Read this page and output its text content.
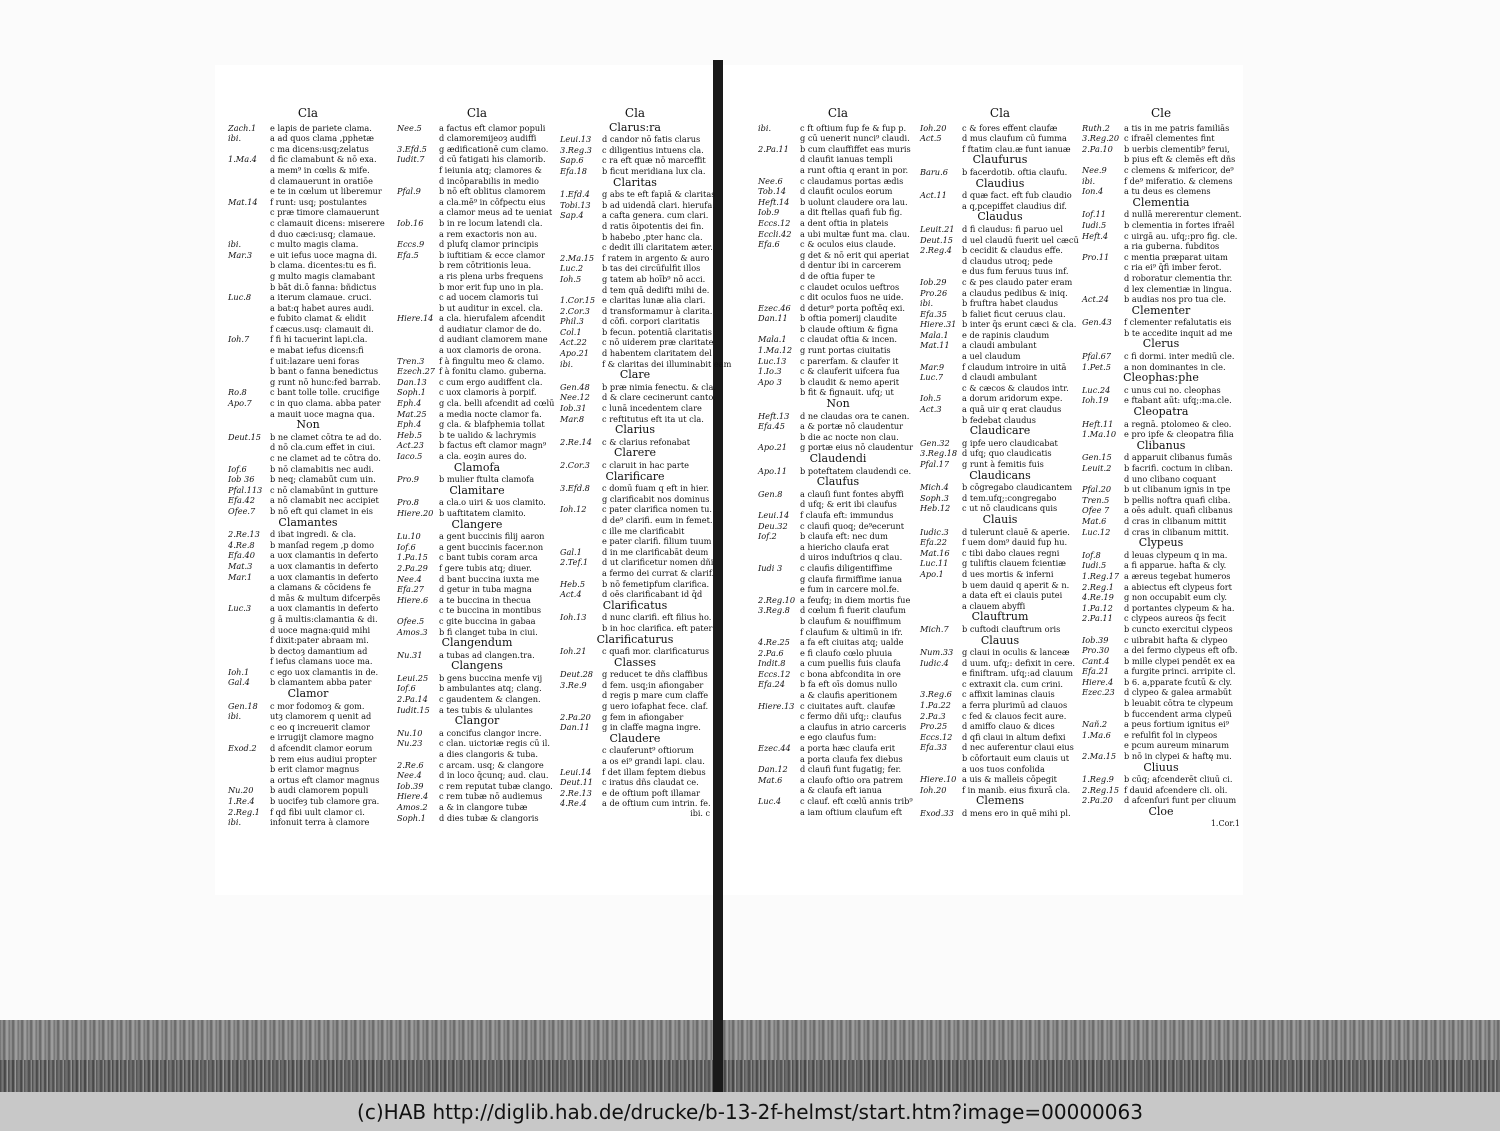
Cla
Zach.1	e lapis de pariete clama.
ibi.	a ad quos clama ,pphetæ
c ma dicens:usq;zelatus
1.Ma.4	d fic clamabunt & nō exa.
a mem⁹ in cœlis & mife.
d clamauerunt in oratiōe
e te in cœlum ut liberemur
Mat.14	f runt: usq; postulantes
c præ timore clamauerunt
c clamauit dicens: miserere
d duo cæci:usq; clamaue.
ibi.	c multo magis clama.
Mar.3	e uit iefus uoce magna di.
b clama. dicentes:tu es fi.
g multo magis clamabant
b bāt di.ō fanna: bñdictus
Luc.8	a iterum clamaue. cruci.
a bat:q habet aures audi.
e fubito clamat & elidit
f cæcus.usq: clamauit di.
Ioh.7	f fi hi tacuerint lapi.cla.
e mabat iefus dicens:fi
f uit:lazare ueni foras
b bant o fanna benedictus
g runt nō hunc:fed barrab.
Ro.8	c bant tolle tolle. crucifige
Apo.7	c in quo clama. abba pater
a mauit uoce magna qua.
Non
Deut.15	b ne clamet cōtra te ad do.
d nō cla.cum effet in ciui.
c ne clamet ad te cōtra do.
Iof.6	b nō clamabitis nec audi.
Iob 36	b neq; clamabūt cum uin.
Pfal.113 c nō clamabūnt in gutture
Efa.42	a nō clamabit nec accipiet
Ofee.7	b nō eft qui clamet in eis
Clamantes
2.Re.13	d ibat ingredi. & cla.
4.Re.8	b manſad regem ,p domo
Efa.40	a uox clamantis in deferto
Mat.3	a uox clamantis in deferto
Mar.1	a uox clamantis in deferto
a clamans & cōcidens fe
d mās & multum difcerpēs
Luc.3	a uox clamantis in deferto
g ā multis:clamantia & di.
d uoce magna:quid mihi
f dixit:pater abraam mi.
b dectoȝ damantium ad
f iefus clamans uoce ma.
Ioh.1	c ego uox clamantis in de.
Gal.4	b clamantem abba pater
Clamor
Gen.18	c mor fodomoȝ & gom.
ibi.	utȝ clamorem q uenit ad
c eo q increuerit clamor
e irrugijt clamore magno
Exod.2	d afcendit clamor eorum
b rem eius audiui propter
b erit clamor magnus
a ortus eft clamor magnus
Nu.20	b audi clamorem populi
1.Re.4	b uocifeȝ tub clamore gra.
2.Reg.1	f qd fibi uult clamor ci.
ibi.	infonuit terra à clamore
Cla
Nee.5	a factus eft clamor populi
d clamoremijeoȝ audiffi
3.Efd.5	g ædificationē cum clamo.
Iudit.7	d cū fatigati his clamorib.
f ieiunia atq; clamores &
d incōparabilis in medio
Pfal.9	b nō eft oblitus clamorem
a cla.mē⁹ in cōfpectu eius
a clamor meus ad te ueniat
Iob.16	b in re locum latendi cla.
a rem exactoris non au.
Eccs.9	d plufq clamor principis
Efa.5	b iuftitiam & ecce clamor
b rem cōtritionis leua.
a ris plena urbs frequens
b mor erit fup uno in pla.
c ad uocem clamoris tui
b ut auditur in excel. cla.
Hiere.14 a cla. hierufalem afcendit
d audiatur clamor de do.
d audiant clamorem mane
a uox clamoris de orona.
Tren.3	f à fingultu meo & clamo.
Ezech.27 f à fonitu clamo. guberna.
Dan.13	c cum ergo audiffent cla.
Soph.1	c uox clamoris à porpif.
Eph.4	g cla. belli afcendit ad cœlū
Mat.25	a media nocte clamor fa.
Eph.4	g cla. & blafphemia tollat
Heb.5	b te ualido & lachrymis
Act.23	b factus eft clamor magn⁹
Iaco.5	a cla. eoȝin aures do.
Clamofa
Pro.9	b mulier ftulta clamofa
Clamitare
Pro.8	a cla.o uiri & uos clamito.
Hiere.20 b uaftitatem clamito.
Clangere
Lu.10	a gent buccinis filij aaron
Iof.6	a gent buccinis facer.non
1.Pa.15	c bant tubis coram arca
2.Pa.29	f gere tubis atq; diuer.
Nee.4	d bant buccina iuxta me
Efa.27	d getur in tuba magna
Hiere.6	a te buccina in thecua
c te buccina in montibus
Ofee.5	c gite buccina in gabaa
Amos.3	b fi clanget tuba in ciui.
Clangendum
Nu.31	a tubas ad clangen.tra.
Clangens
Leui.25	b gens buccina menfe vij
Iof.6	b ambulantes atq; clang.
2.Pa.14	c gaudentem & clangen.
Iudit.15	a tes tubis & ululantes
Clangor
Nu.10	a concifus clangor incre.
Nu.23	c clan. uictoriæ regis cū il.
a dies clangoris & tuba.
2.Re.6	c arcam. usq; & clangore
Nee.4	d in loco q̄cunq; aud. clau.
Iob.39	c rem reputat tubæ clango.
Hiere.4	c rem tubæ nō audiemus
Amos.2	a & in clangore tubæ
Soph.1	d dies tubæ & clangoris
Cla
Clarus:ra
Leui.13	d candor nō fatis clarus
3.Reg.3	c diligentius intuens cla.
Sap.6	c ra eft quæ nō marceffit
Efa.18	b ficut meridiana lux cla.
Claritas
1.Efd.4	g abs te eft fapiā & claritas
Tobi.13	b ad uidendā clari. hierufa.
Sap.4	a cafta genera. cum clari.
d ratis ōipotentis dei fin.
b habebo ,pter hanc cla.
c dedit illi claritatem æter.
2.Ma.15 f ratem in argento & auro
Luc.2	b tas dei circūfulfit illos
Ioh.5	g tatem ab hoīb⁹ nō acci.
d tem quā dedifti mihi de.
1.Cor.15 e claritas lunæ alia clari.
2.Cor.3	d transformamur à clarita.
Phil.3	d cōfi. corpori claritatis
Col.1	b fecun. potentiā claritatis
Act.22	c nō uiderem præ claritate
Apo.21	d habentem claritatem del
ibi.	f & claritas dei illuminabit eam
Clare
Gen.48	b præ nimia fenectu. & cla.
Nee.12	d & clare cecinerunt canto.
Iob.31	c lunā incedentem clare
Mar.8	c reftitutus eft ita ut cla.
Clarius
2.Re.14	c & clarius refonabat
Clarere
2.Cor.3	c claruit in hac parte
Clarificare
3.Efd.8	c domū fuam q eft in hier.
g clarificabit nos dominus
Ioh.12	c pater clarifica nomen tu.
d de⁹ clarifi. eum in femet.
c ille me clarificabit
e pater clarifi. filium tuum
Gal.1	d in me clarificabāt deum
2.Tef.1	d ut clarificetur nomen dñi
a fermo dei currat & clarif.
Heb.5	b nō femetipfum clarifica.
Act.4	d oēs clarificabant id q̄d
Clarificatus
Ioh.13	d nunc clarifi. eft filius ho.
b in hoc clarifica. eft pater
Clarificaturus
Ioh.21	c quafi mor. clarificaturus
Classes
Deut.28	g reducet te dñs claffibus
3.Re.9	d fem. usq;in afiongaber
d regis p mare cum claffe
g uero iofaphat fece. claf.
2.Pa.20	g fem in afiongaber
Dan.11	g in claffe magna ingre.
Claudere
c clauferunt⁹ oftiorum
a os ei⁹ grandi lapi. clau.
Leui.14	f det illam feptem diebus
Deut.11	c iratus dñs claudat ce.
2.Re.13	e de oftium poft illamar
4.Re.4	a de oftium cum intrin. fe.
ibi. c
Cla
ibi.	c ft oftium fup fe & fup p.
g cū uenerit nunci⁹ claudi.
2.Pa.11	b cum clauffiffet eas muris
d claufit ianuas templi
a runt oftia q erant in por.
Nee.6	c claudamus portas ædis
Tob.14	d claufit oculos eorum
Heft.14	b uolunt claudere ora lau.
Iob.9	a dit ftellas quafi fub fig.
Eccs.12	a dent oftia in plateis
Eccli.42	a ubi multæ funt ma. clau.
Efa.6	c & oculos eius claude.
g det & nō erit qui aperiat
d dentur ibi in carcerem
d de oftia fuper te
c claudet oculos ueftros
c dit oculos fuos ne uide.
Ezec.46	d detur⁹ porta poftēq exi.
Dan.11	b oftia pomerij claudite
b claude oftium & figna
Mala.1	c claudat oftia & incen.
1.Ma.12 g runt portas ciuitatis
Luc.13	c parerfam. & claufer it
1.Io.3	c & clauferit uifcera fua
Apo 3	b claudit & nemo aperit
b fit & fignauit. ufq; ut
Non
Heft.13	d ne claudas ora te canen.
Efa.45	a & portæ nō claudentur
b die ac nocte non clau.
Apo.21	g portæ eius nō claudentur
Claudendi
Apo.11	b poteftatem claudendi ce.
Claufus
Gen.8	a clauſi funt fontes abyffi
d ufq; & erit ibi claufus
Leui.14	f claufa eft: immundus
Deu.32	c claufi quoq; de⁹ecerunt
Iof.2	b claufa eft: nec dum
a hiericho claufa erat
d uiros induſtrios q clau.
Iudi 3	c claufis diligentiffime
g claufa firmiffime ianua
e fum in carcere mol.fe.
2.Reg.10 a feufq; in diem mortis fue
3.Reg.8	d cœlum fi fuerit claufum
b claufum & nouiffimum
f claufum & ultimū in ifr.
4.Re.25	a fa eft ciuitas atq; ualde
2.Pa.6	e fi claufo cœlo pluuia
Indit.8	a cum puellis fuis claufa
Eccs.12	c bona abfcondita in ore
Efa.24	b fa eft oīs domus nullo
a & claufis aperitionem
Hiere.13 c ciuitates auft. claufæ
c fermo dñi ufq;: claufus
a claufus in atrio carceris
e ego claufus fum:
Ezec.44	a porta hæc claufa erit
a porta claufa fex diebus
Dan.12	d claufi funt fugatig; fer.
Mat.6	a claufo oftio ora patrem
a & claufa eft ianua
Luc.4	c clauf. eft cœlū annis trib⁹
a iam oftium claufum eft
Cla
Ioh.20	c & fores effent claufæ
Act.5	d mus claufum cū fumma
f ftatim clau.æ funt ianuæ
Claufurus
Baru.6	b facerdotib. oftia claufu.
Claudius
Act.11	d quæ fact. eft fub claudio
a q,pcepiffet claudius dif.
Claudus
Leuit.21 d fi claudus: fi paruo uel
Deut.15	d uel claudū fuerit uel cæcū
2.Reg.4	b cecidit & claudus effe.
d claudus utroq; pede
e dus fum feruus tuus inf.
Iob.29	c & pes claudo pater eram
Pro.26	a claudus pedibus & iniq.
ibi.	b fruftra habet claudus
Efa.35	b faliet ficut ceruus clau.
Hiere.31 b inter q̄s erunt cæci & cla.
Mala.1	e de rapinis claudum
Mat.11	a claudi ambulant
a uel claudum
Mar.9	f claudum introire in uitā
Luc.7	d claudi ambulant
c & cæcos & claudos intr.
Ioh.5	a dorum aridorum expe.
Act.3	a quā uir q erat claudus
b fedebat claudus
Claudicare
Gen.32	g ipfe uero claudicabat
3.Reg.18 d ufq; quo claudicatis
Pfal.17	g runt à femitis fuis
Claudicans
Mich.4	b cōgregabo claudicantem
Soph.3	d tem.ufq;:congregabo
Heb.12	c ut nō claudicans quis
Clauis
Iudic.3	d tulerunt clauē & aperie.
Efa.22	f uem dom⁹ dauid fup hu.
Mat.16	c tibi dabo claues regni
Luc.11	g tuliftis clauem fcientiæ
Apo.1	d ues mortis & inferni
b uem dauid q aperit & n.
a data eft ei clauis putei
a clauem abyffi
Clauftrum
Mich.7	b cuftodi clauftrum oris
Clauus
Num.33	g claui in oculis & lanceæ
Iudic.4	d uum. ufq;: defixit in cere.
e finiftram. ufq;:ad clauum
c extraxit cla. cum crini.
3.Reg.6	c affixit laminas clauis
1.Pa.22	a ferra plurimū ad clauos
2.Pa.3	c fed & clauos fecit aure.
Pro.25	d amiffo clauo & dices
Eccs.12	d qfi claui in altum defixi
Efa.33	d nec auferentur claui eius
b cōfortauit eum clauis ut
a uos tuos confolida
Hiere.10 a uis & malleis cōpegit
Ioh.20	f in manib. eius fixurā cla.
Clemens
Exod.33	d mens ero in quē mihi pl.
Cle
Ruth.2	a tis in me patris familiās
3.Reg.20 c ifraēl clementes fint
2.Pa.10	b uerbis clementib⁹ ferui,
b pius eft & clemēs eft dñs
Nee.9	c clemens & mifericor, de⁹
ibi.	f de⁹ miferatio. & clemens
Ion.4	a tu deus es clemens
Clementia
Iof.11	d nullā mererentur clement.
Iudi.5	b clementia in fortes ifraēl
Heft.4	c uirgā au. ufq;:pro fig. cle.
a ria guberna. fubditos
Pro.11	c mentia præparat uitam
c ria ei⁹ q̄fi imber ferot.
d roboratur clementia thr.
d lex clementiæ in lingua.
Act.24	b audias nos pro tua cle.
Clementer
Gen.43	f clementer refalutatis eis
b te accedite inquit ad me
Clerus
Pfal.67	c fi dormi. inter mediū cle.
1.Pet.5	a non dominantes in cle.
Cleophas:phe
Luc.24	c unus cui no. cleophas
Ioh.19	e ftabant aūt: ufq;:ma.cle.
Cleopatra
Heft.11	a regnā. ptolomeo & cleo.
1.Ma.10 e pro ipfe & cleopatra filia
Clibanus
Gen.15	d apparuit clibanus fumās
Leuit.2	b facrifi. coctum in cliban.
d uno clibano coquant
Pfal.20	b ut clibanum ignis in tpe
Tren.5	b pellis noftra quafi cliba.
Ofee 7	a oēs adult. quafi clibanus
Mat.6	d cras in clibanum mittit
Luc.12	d cras in clibanum mittit.
Clypeus
Iof.8	d leuas clypeum q in ma.
Iudi.5	a fi apparue. hafta & cly.
1.Reg.17 a æreus tegebat humeros
2.Reg.1	a abiectus eft clypeus fort
4.Re.19	g non occupabit eum cly.
1.Pa.12	d portantes clypeum & ha.
2.Pa.11	c clypeos aureos q̄s fecit
b cuncto exercitui clypeos
Iob.39	c uibrabit hafta & clypeo
Pro.30	a dei fermo clypeus eft ofb.
Cant.4	b mille clypei pendēt ex ea
Efa.21	a furgite princi. arripite cl.
Hiere.4	b 6. a,pparate fcutū & cly.
Ezec.23	d clypeo & galea armabūt
b leuabit cōtra te clypeum
b fuccendent arma clypeū
Nañ.2	a peus fortium ignitus ei⁹
1.Ma.6	e refulfit fol in clypeos
e pcum aureum minarum
2.Ma.15 b nō in clypei & haftę mu.
Cliuus
1.Reg.9	b cūq; afcenderēt cliuū ci.
2.Reg.15 f dauid afcendere cli. oli.
2.Pa.20	d afcenſuri funt per cliuum
Cloe
1.Cor.1
(c)HAB http://diglib.hab.de/drucke/b-13-2f-helmst/start.htm?image=00000063
